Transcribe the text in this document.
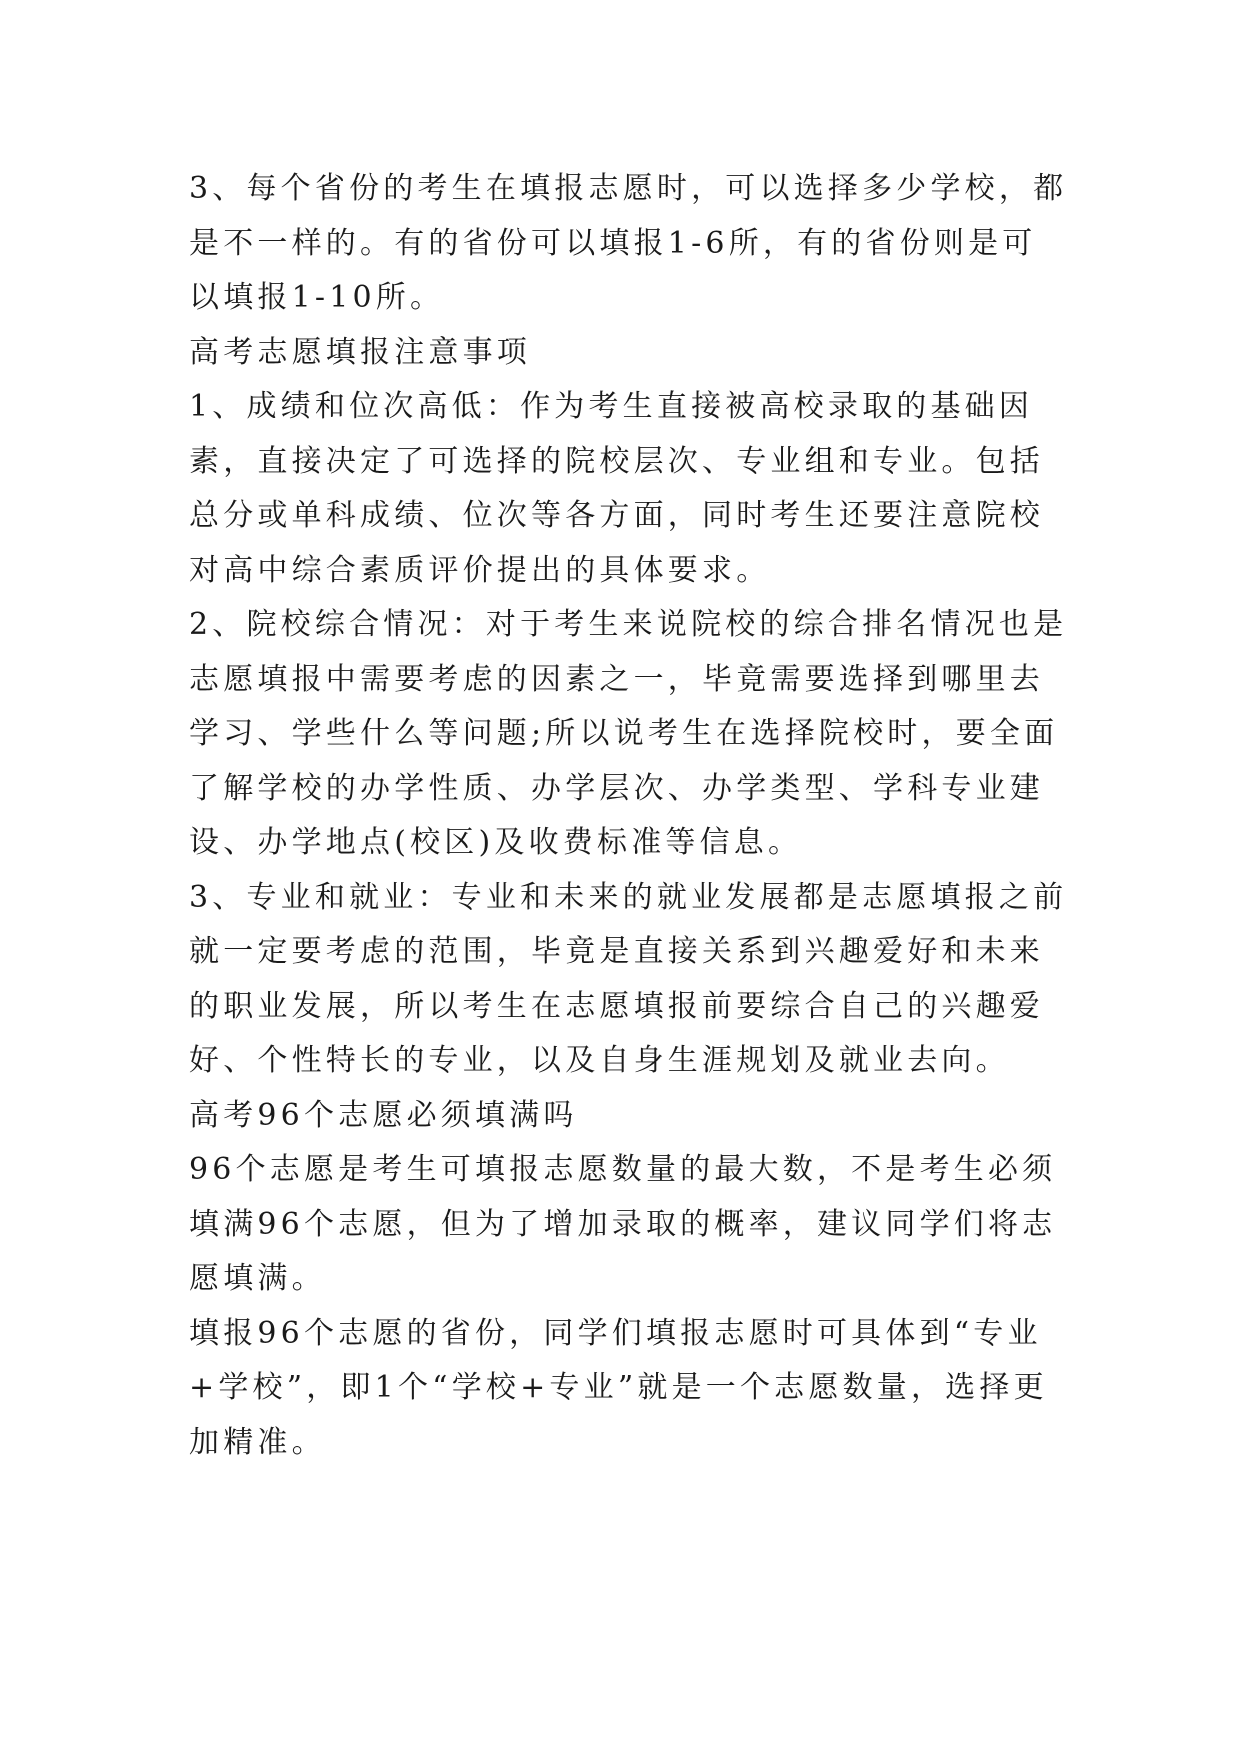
3、每个省份的考生在填报志愿时，可以选择多少学校，都是不一样的。有的省份可以填报1-6所，有的省份则是可以填报1-10所。

高考志愿填报注意事项

1、成绩和位次高低：作为考生直接被高校录取的基础因素，直接决定了可选择的院校层次、专业组和专业。包括总分或单科成绩、位次等各方面，同时考生还要注意院校对高中综合素质评价提出的具体要求。

2、院校综合情况：对于考生来说院校的综合排名情况也是志愿填报中需要考虑的因素之一，毕竟需要选择到哪里去学习、学些什么等问题;所以说考生在选择院校时，要全面了解学校的办学性质、办学层次、办学类型、学科专业建设、办学地点(校区)及收费标准等信息。

3、专业和就业：专业和未来的就业发展都是志愿填报之前就一定要考虑的范围，毕竟是直接关系到兴趣爱好和未来的职业发展，所以考生在志愿填报前要综合自己的兴趣爱好、个性特长的专业，以及自身生涯规划及就业去向。

高考96个志愿必须填满吗

96个志愿是考生可填报志愿数量的最大数，不是考生必须填满96个志愿，但为了增加录取的概率，建议同学们将志愿填满。

填报96个志愿的省份，同学们填报志愿时可具体到“专业+学校”，即1个“学校+专业”就是一个志愿数量，选择更加精准。
